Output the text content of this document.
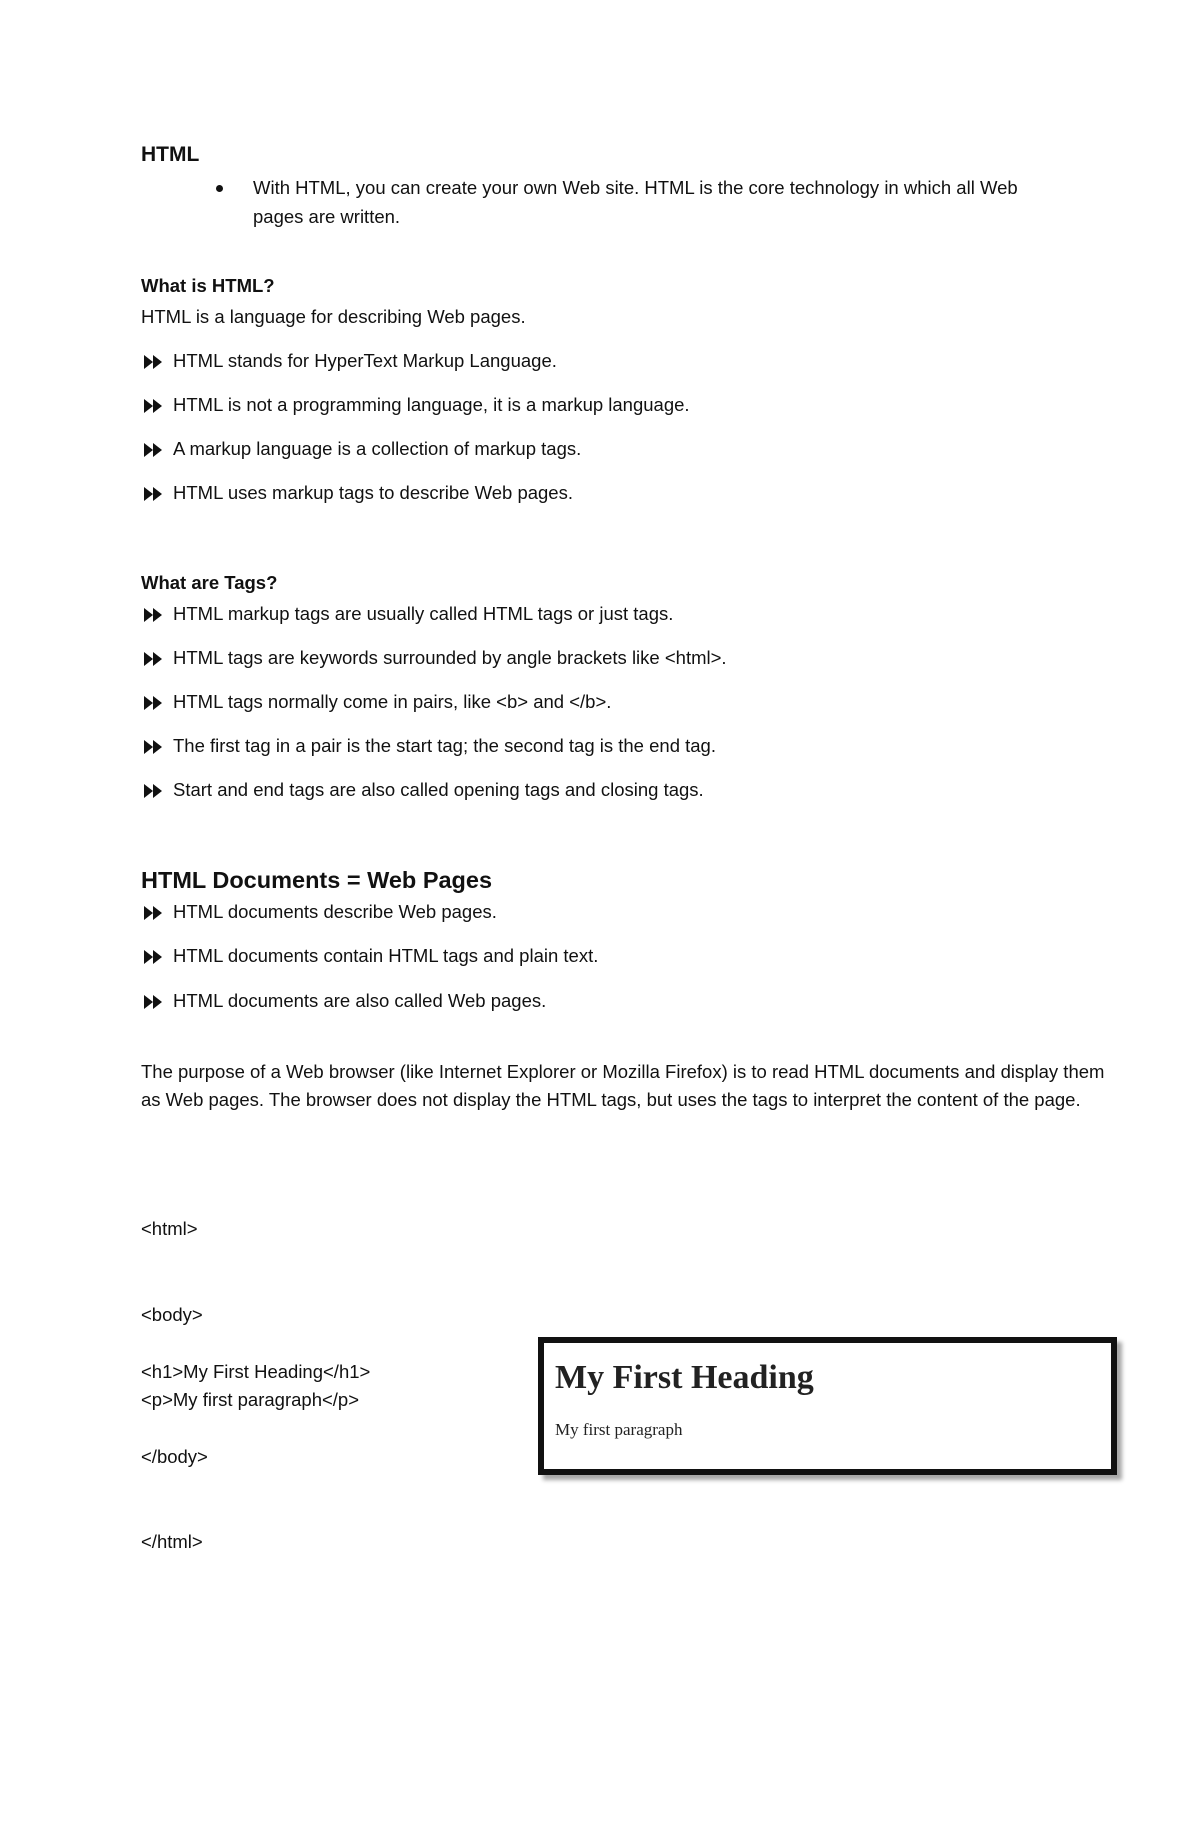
HTML
With HTML, you can create your own Web site. HTML is the core technology in which all Web
pages are written.
What is HTML?
HTML is a language for describing Web pages.
HTML stands for HyperText Markup Language.
HTML is not a programming language, it is a markup language.
A markup language is a collection of markup tags.
HTML uses markup tags to describe Web pages.
What are Tags?
HTML markup tags are usually called HTML tags or just tags.
HTML tags are keywords surrounded by angle brackets like <html>.
HTML tags normally come in pairs, like <b> and </b>.
The first tag in a pair is the start tag; the second tag is the end tag.
Start and end tags are also called opening tags and closing tags.
HTML Documents = Web Pages
HTML documents describe Web pages.
HTML documents contain HTML tags and plain text.
HTML documents are also called Web pages.
The purpose of a Web browser (like Internet Explorer or Mozilla Firefox) is to read HTML documents and display them as Web pages. The browser does not display the HTML tags, but uses the tags to interpret the content of the page.
<html>
<body>
<h1>My First Heading</h1>
<p>My first paragraph</p>
</body>
</html>
My First Heading
My first paragraph
